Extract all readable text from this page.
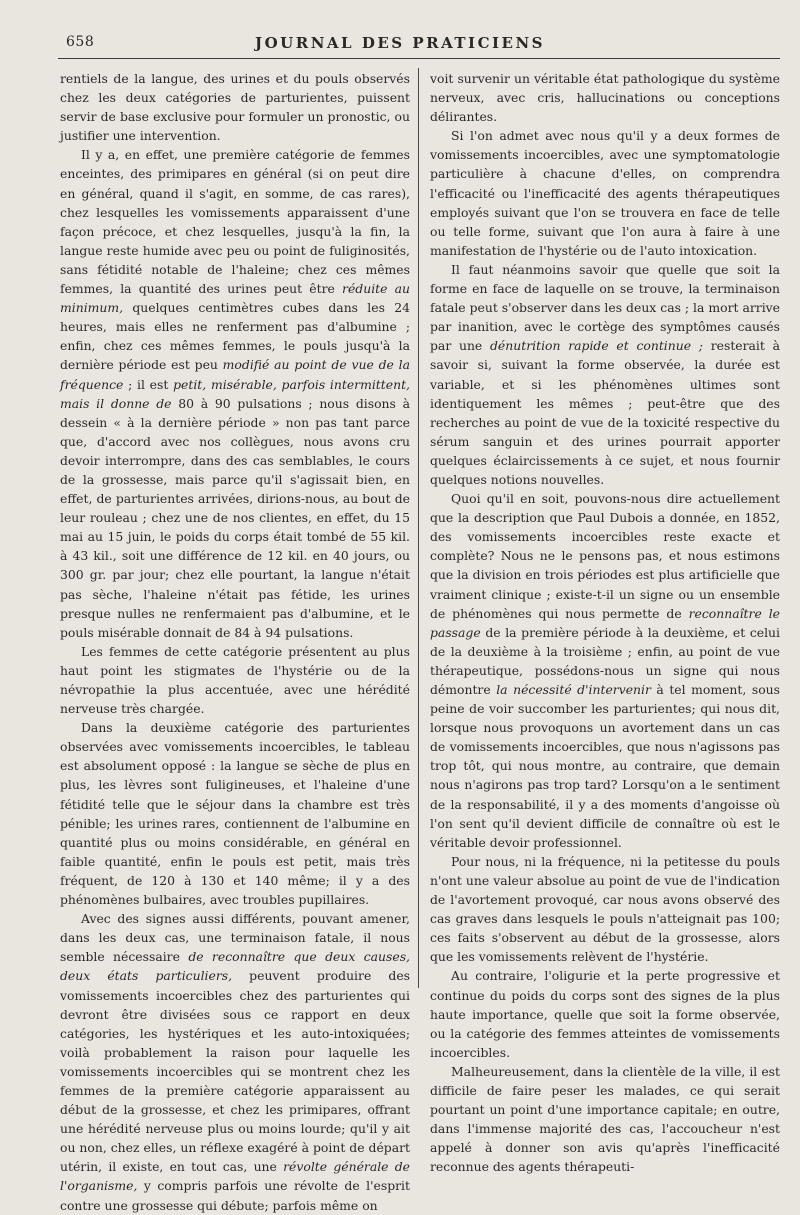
658	JOURNAL DES PRATICIENS

rentiels de la langue, des urines et du pouls observés chez les deux catégories de parturientes, puissent servir de base exclusive pour formuler un pronostic, ou justifier une intervention.

Il y a, en effet, une première catégorie de femmes enceintes, des primipares en général (si on peut dire en général, quand il s'agit, en somme, de cas rares), chez lesquelles les vomissements apparaissent d'une façon précoce, et chez lesquelles, jusqu'à la fin, la langue reste humide avec peu ou point de fuliginosités, sans fétidité notable de l'haleine; chez ces mêmes femmes, la quantité des urines peut être réduite au minimum, quelques centimètres cubes dans les 24 heures, mais elles ne renferment pas d'albumine ; enfin, chez ces mêmes femmes, le pouls jusqu'à la dernière période est peu modifié au point de vue de la fréquence ; il est petit, misérable, parfois intermittent, mais il donne de 80 à 90 pulsations ; nous disons à dessein « à la dernière période » non pas tant parce que, d'accord avec nos collègues, nous avons cru devoir interrompre, dans des cas semblables, le cours de la grossesse, mais parce qu'il s'agissait bien, en effet, de parturientes arrivées, dirions-nous, au bout de leur rouleau ; chez une de nos clientes, en effet, du 15 mai au 15 juin, le poids du corps était tombé de 55 kil. à 43 kil., soit une différence de 12 kil. en 40 jours, ou 300 gr. par jour; chez elle pourtant, la langue n'était pas sèche, l'haleine n'était pas fétide, les urines presque nulles ne renfermaient pas d'albumine, et le pouls misérable donnait de 84 à 94 pulsations.

Les femmes de cette catégorie présentent au plus haut point les stigmates de l'hystérie ou de la névropathie la plus accentuée, avec une hérédité nerveuse très chargée.

Dans la deuxième catégorie des parturientes observées avec vomissements incoercibles, le tableau est absolument opposé : la langue se sèche de plus en plus, les lèvres sont fuligineuses, et l'haleine d'une fétidité telle que le séjour dans la chambre est très pénible; les urines rares, contiennent de l'albumine en quantité plus ou moins considérable, en général en faible quantité, enfin le pouls est petit, mais très fréquent, de 120 à 130 et 140 même; il y a des phénomènes bulbaires, avec troubles pupillaires.

Avec des signes aussi différents, pouvant amener, dans les deux cas, une terminaison fatale, il nous semble nécessaire de reconnaître que deux causes, deux états particuliers, peuvent produire des vomissements incoercibles chez des parturientes qui devront être divisées sous ce rapport en deux catégories, les hystériques et les auto-intoxiquées; voilà probablement la raison pour laquelle les vomissements incoercibles qui se montrent chez les femmes de la première catégorie apparaissent au début de la grossesse, et chez les primipares, offrant une hérédité nerveuse plus ou moins lourde; qu'il y ait ou non, chez elles, un réflexe exagéré à point de départ utérin, il existe, en tout cas, une révolte générale de l'organisme, y compris parfois une révolte de l'esprit contre une grossesse qui débute; parfois même on

voit survenir un véritable état pathologique du système nerveux, avec cris, hallucinations ou conceptions délirantes.

Si l'on admet avec nous qu'il y a deux formes de vomissements incoercibles, avec une symptomatologie particulière à chacune d'elles, on comprendra l'efficacité ou l'inefficacité des agents thérapeutiques employés suivant que l'on se trouvera en face de telle ou telle forme, suivant que l'on aura à faire à une manifestation de l'hystérie ou de l'auto intoxication.

Il faut néanmoins savoir que quelle que soit la forme en face de laquelle on se trouve, la terminaison fatale peut s'observer dans les deux cas ; la mort arrive par inanition, avec le cortège des symptômes causés par une dénutrition rapide et continue ; resterait à savoir si, suivant la forme observée, la durée est variable, et si les phénomènes ultimes sont identiquement les mêmes ; peut-être que des recherches au point de vue de la toxicité respective du sérum sanguin et des urines pourrait apporter quelques éclaircissements à ce sujet, et nous fournir quelques notions nouvelles.

Quoi qu'il en soit, pouvons-nous dire actuellement que la description que Paul Dubois a donnée, en 1852, des vomissements incoercibles reste exacte et complète? Nous ne le pensons pas, et nous estimons que la division en trois périodes est plus artificielle que vraiment clinique ; existe-t-il un signe ou un ensemble de phénomènes qui nous permette de reconnaître le passage de la première période à la deuxième, et celui de la deuxième à la troisième ; enfin, au point de vue thérapeutique, possédons-nous un signe qui nous démontre la nécessité d'intervenir à tel moment, sous peine de voir succomber les parturientes; qui nous dit, lorsque nous provoquons un avortement dans un cas de vomissements incoercibles, que nous n'agissons pas trop tôt, qui nous montre, au contraire, que demain nous n'agirons pas trop tard? Lorsqu'on a le sentiment de la responsabilité, il y a des moments d'angoisse où l'on sent qu'il devient difficile de connaître où est le véritable devoir professionnel.

Pour nous, ni la fréquence, ni la petitesse du pouls n'ont une valeur absolue au point de vue de l'indication de l'avortement provoqué, car nous avons observé des cas graves dans lesquels le pouls n'atteignait pas 100; ces faits s'observent au début de la grossesse, alors que les vomissements relèvent de l'hystérie.

Au contraire, l'oligurie et la perte progressive et continue du poids du corps sont des signes de la plus haute importance, quelle que soit la forme observée, ou la catégorie des femmes atteintes de vomissements incoercibles.

Malheureusement, dans la clientèle de la ville, il est difficile de faire peser les malades, ce qui serait pourtant un point d'une importance capitale; en outre, dans l'immense majorité des cas, l'accoucheur n'est appelé à donner son avis qu'après l'inefficacité reconnue des agents thérapeuti-
